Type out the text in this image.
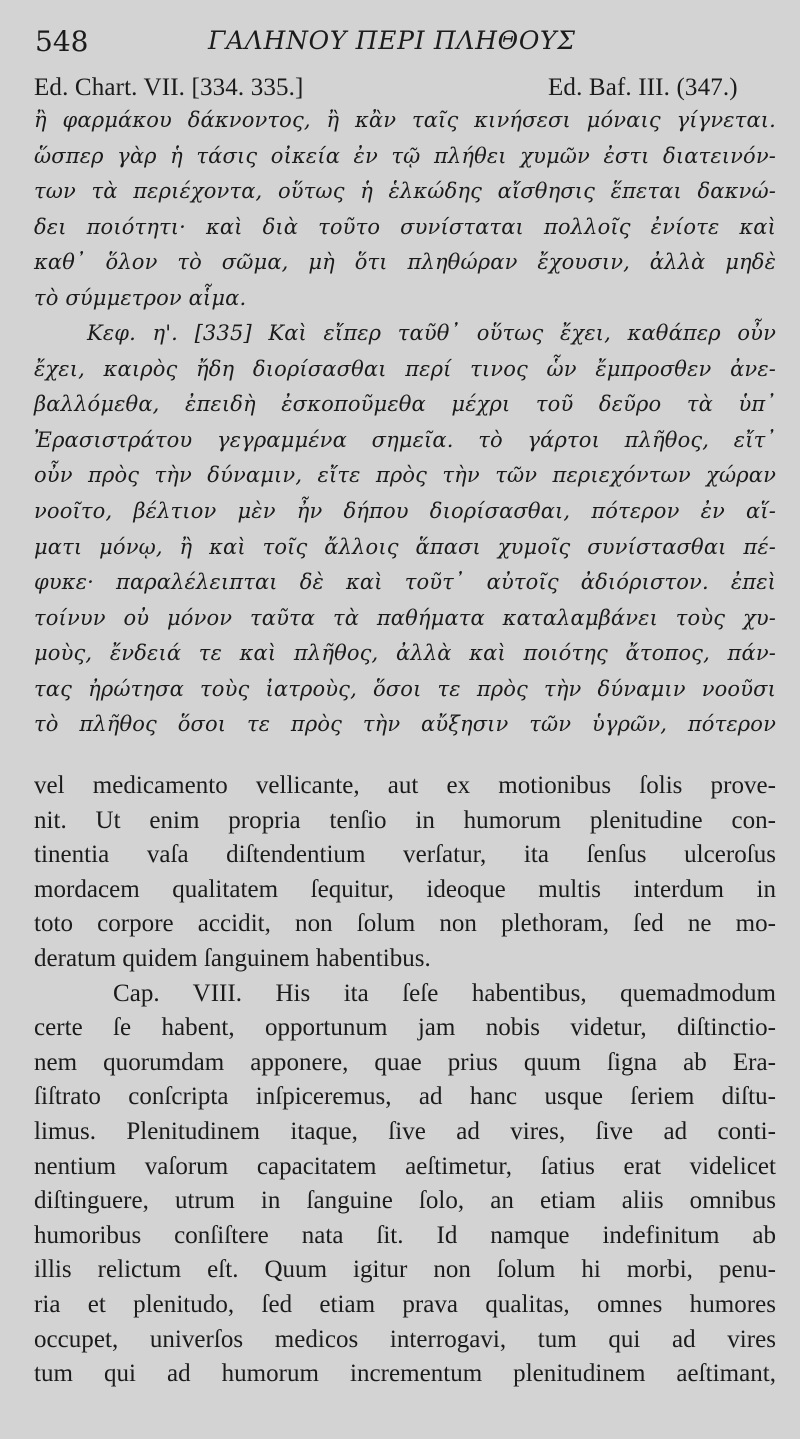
548	ΓΑΛΗΝΟΥ ΠΕΡΙ ΠΛΗΘΟΥΣ
Ed. Chart. VII. [334. 335.]	Ed. Baf. III. (347.)
ἢ φαρμάκου δάκνοντος, ἢ κἂν ταῖς κινήσεσι μόναις γίγνεται.
ὥσπερ γὰρ ἡ τάσις οἰκεία ἐν τῷ πλήθει χυμῶν ἐστι διατεινόν-
των τὰ περιέχοντα, οὕτως ἡ ἑλκώδης αἴσθησις ἕπεται δακνώ-
δει ποιότητι· καὶ διὰ τοῦτο συνίσταται πολλοῖς ἐνίοτε καὶ
καθ᾽ ὅλον τὸ σῶμα, μὴ ὅτι πληθώραν ἔχουσιν, ἀλλὰ μηδὲ
τὸ σύμμετρον αἷμα.
Κεφ. η'. [335] Καὶ εἴπερ ταῦθ᾽ οὕτως ἔχει, καθάπερ οὖν
ἔχει, καιρὸς ἤδη διορίσασθαι περί τινος ὧν ἔμπροσθεν ἀνε-
βαλλόμεθα, ἐπειδὴ ἐσκοποῦμεθα μέχρι τοῦ δεῦρο τὰ ὑπ᾽
Ἐρασιστράτου γεγραμμένα σημεῖα. τὸ γάρτοι πλῆθος, εἴτ᾽
οὖν πρὸς τὴν δύναμιν, εἴτε πρὸς τὴν τῶν περιεχόντων χώραν
νοοῖτο, βέλτιον μὲν ἦν δήπου διορίσασθαι, πότερον ἐν αἵ-
ματι μόνῳ, ἢ καὶ τοῖς ἄλλοις ἅπασι χυμοῖς συνίστασθαι πέ-
φυκε· παραλέλειπται δὲ καὶ τοῦτ᾽ αὐτοῖς ἀδιόριστον. ἐπεὶ
τοίνυν οὐ μόνον ταῦτα τὰ παθήματα καταλαμβάνει τοὺς χυ-
μοὺς, ἔνδειά τε καὶ πλῆθος, ἀλλὰ καὶ ποιότης ἄτοπος, πάν-
τας ἠρώτησα τοὺς ἰατροὺς, ὅσοι τε πρὸς τὴν δύναμιν νοοῦσι
τὸ πλῆθος ὅσοι τε πρὸς τὴν αὔξησιν τῶν ὑγρῶν, πότερον
vel medicamento vellicante, aut ex motionibus ſolis prove-
nit. Ut enim propria tenſio in humorum plenitudine con-
tinentia vaſa diſtendentium verſatur, ita ſenſus ulceroſus
mordacem qualitatem ſequitur, ideoque multis interdum in
toto corpore accidit, non ſolum non plethoram, ſed ne mo-
deratum quidem ſanguinem habentibus.
Cap. VIII. His ita ſeſe habentibus, quemadmodum
certe ſe habent, opportunum jam nobis videtur, diſtinctio-
nem quorumdam apponere, quae prius quum ſigna ab Era-
ſiſtrato conſcripta inſpiceremus, ad hanc usque ſeriem diſtu-
limus. Plenitudinem itaque, ſive ad vires, ſive ad conti-
nentium vaſorum capacitatem aeſtimetur, ſatius erat videlicet
diſtinguere, utrum in ſanguine ſolo, an etiam aliis omnibus
humoribus conſiſtere nata ſit. Id namque indefinitum ab
illis relictum eſt. Quum igitur non ſolum hi morbi, penu-
ria et plenitudo, ſed etiam prava qualitas, omnes humores
occupet, univerſos medicos interrogavi, tum qui ad vires
tum qui ad humorum incrementum plenitudinem aeſtimant,
